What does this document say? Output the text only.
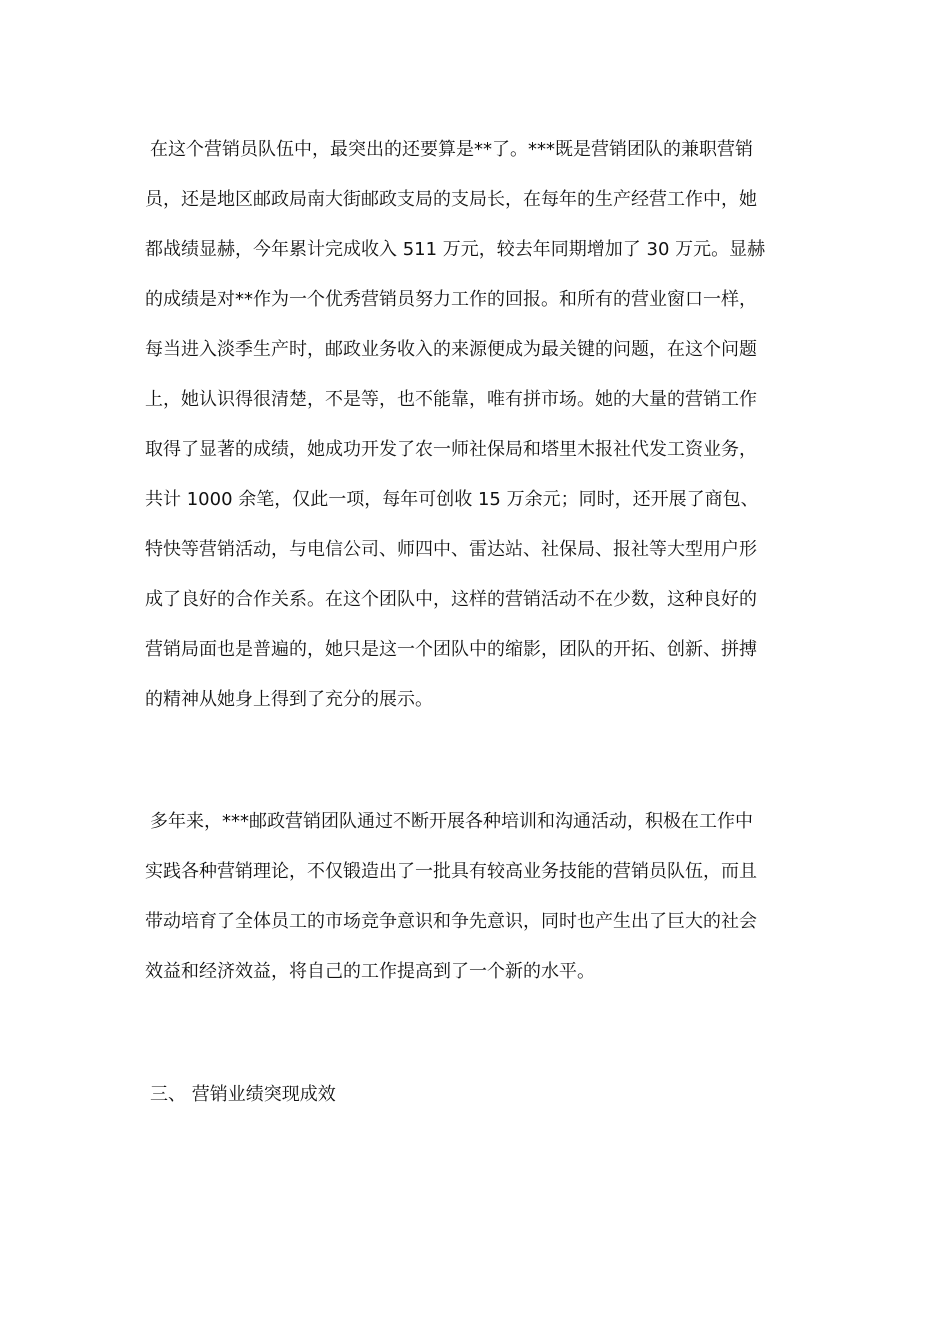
在这个营销员队伍中，最突出的还要算是**了。***既是营销团队的兼职营销
员，还是地区邮政局南大街邮政支局的支局长，在每年的生产经营工作中，她
都战绩显赫，今年累计完成收入 511 万元，较去年同期增加了 30 万元。显赫
的成绩是对**作为一个优秀营销员努力工作的回报。和所有的营业窗口一样，
每当进入淡季生产时，邮政业务收入的来源便成为最关键的问题，在这个问题
上，她认识得很清楚，不是等，也不能靠，唯有拼市场。她的大量的营销工作
取得了显著的成绩，她成功开发了农一师社保局和塔里木报社代发工资业务，
共计 1000 余笔，仅此一项，每年可创收 15 万余元；同时，还开展了商包、
特快等营销活动，与电信公司、师四中、雷达站、社保局、报社等大型用户形
成了良好的合作关系。在这个团队中，这样的营销活动不在少数，这种良好的
营销局面也是普遍的，她只是这一个团队中的缩影，团队的开拓、创新、拼搏
的精神从她身上得到了充分的展示。
多年来，***邮政营销团队通过不断开展各种培训和沟通活动，积极在工作中
实践各种营销理论，不仅锻造出了一批具有较高业务技能的营销员队伍，而且
带动培育了全体员工的市场竞争意识和争先意识，同时也产生出了巨大的社会
效益和经济效益，将自己的工作提高到了一个新的水平。
三、 营销业绩突现成效
